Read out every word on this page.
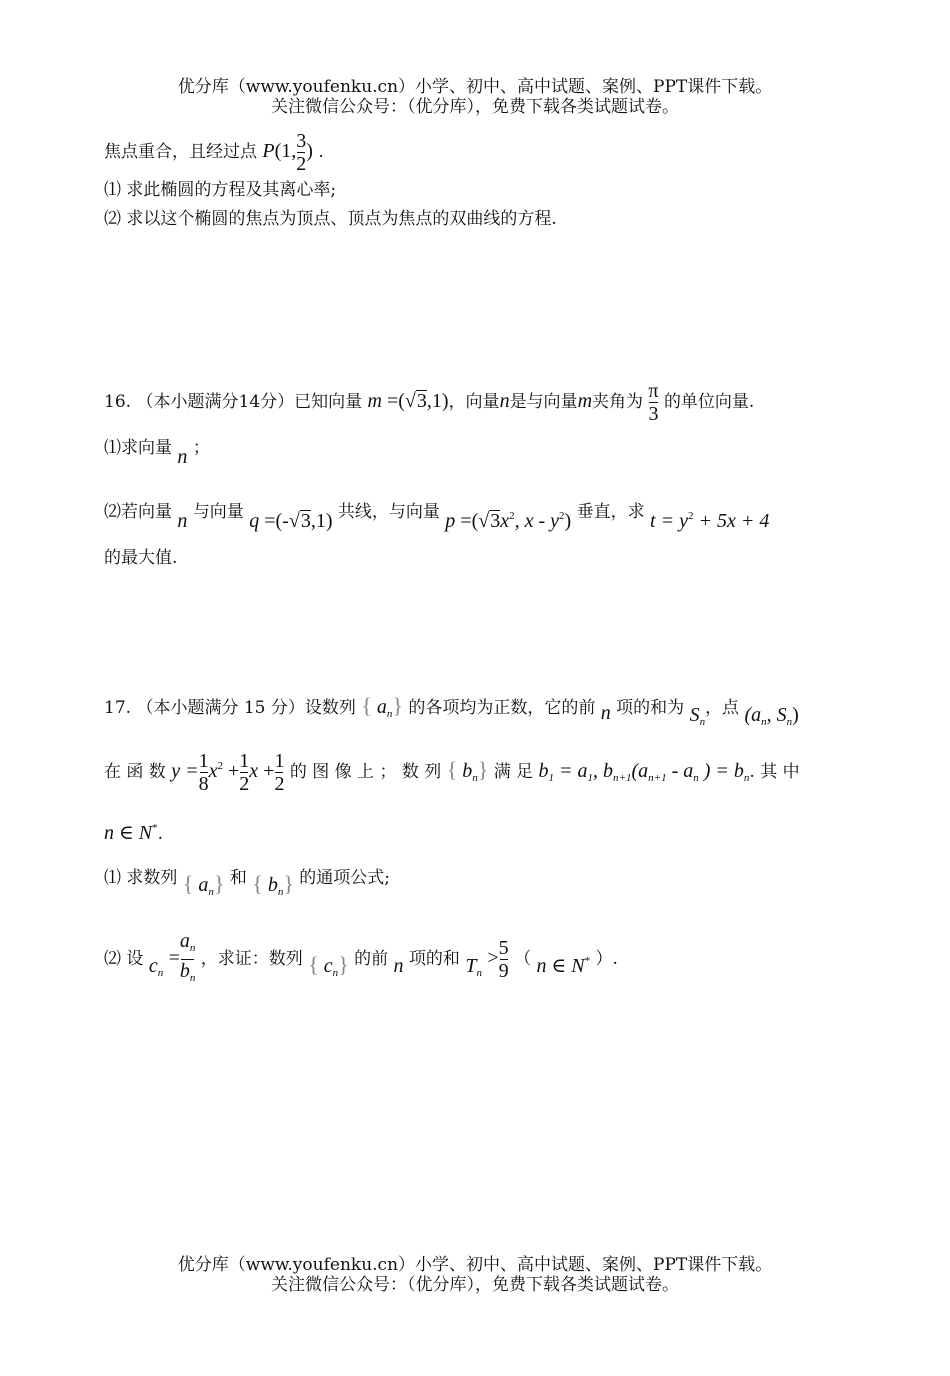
优分库（www.youfenku.cn）小学、初中、高中试题、案例、PPT课件下载。
关注微信公众号：（优分库），免费下载各类试题试卷。
焦点重合，且经过点 P(1, $\frac{3}{2}$ ) .
⑴ 求此椭圆的方程及其离心率;
⑵ 求以这个椭圆的焦点为顶点、顶点为焦点的双曲线的方程.
16. （本小题满分14分）已知向量 m =(√3,1)，向量n是与向量m夹角为 $\frac{\pi}{3}$ 的单位向量.
⑴求向量 n ；
⑵若向量 n 与向量 q =(-√3,1) 共线，与向量 $p =(√3x^2$, x - $y^2$) 垂直，求 $t = y^2 + 5x + 4$
的最大值.
17. （本小题满分 15 分）设数列 { $a_n$} 的各项均为正数，它的前 n 项的和为 $S_n$，点 ($a_n$, $S_n$)
在 函 数 $y = \frac{1}{8} x^2 + \frac{1}{2}$ $x + \frac{1}{2}$ 的 图 像 上 ； 数 列 { $b_n$} 满 足 $b_1 = a_1$, $b_{n+1}(a_{n+1} - a_n$ ) = $b_n$. 其 中
n ∈ N*.
⑴ 求数列 { $a_n$} 和 { $b_n$} 的通项公式;
⑵ 设 $c_n = \frac{a_n}{b_n}$ ，求证：数列 { $c_n$} 的前 n 项的和 $T_n > \frac{5}{9}$ （ n ∈ N* ）.
优分库（www.youfenku.cn）小学、初中、高中试题、案例、PPT课件下载。
关注微信公众号：（优分库），免费下载各类试题试卷。
